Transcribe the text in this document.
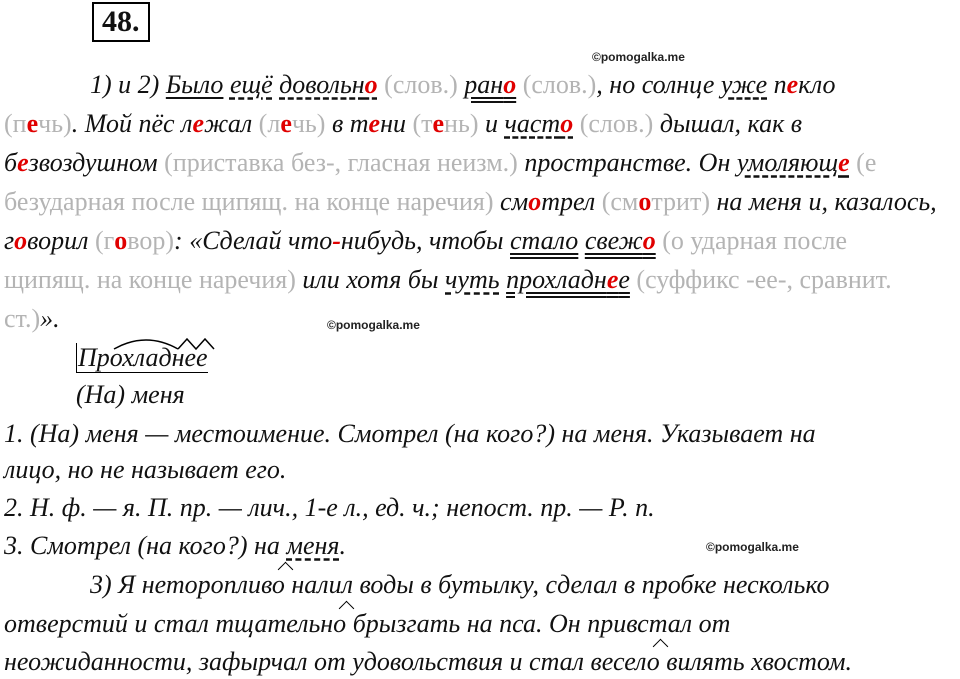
48.
©pomogalka.me
©pomogalka.me
©pomogalka.me
1) и 2) Было ещё довольно (слов.) рано (слов.), но солнце уже пекло
(печь). Мой пёс лежал (лечь) в тени (тень) и часто (слов.) дышал, как в
безвоздушном (приставка без-, гласная неизм.) пространстве. Он умоляюще (е
безударная после щипящ. на конце наречия) смотрел (смотрит) на меня и, казалось,
говорил (говор): «Сделай что-нибудь, чтобы стало свежо (о ударная после
щипящ. на конце наречия) или хотя бы чуть прохладнее (суффикс -ее-, сравнит.
ст.)».
Прохладнее
(На) меня
1. (На) меня — местоимение. Смотрел (на кого?) на меня. Указывает на
лицо, но не называет его.
2. Н. ф. — я. П. пр. — лич., 1-е л., ед. ч.; непост. пр. — Р. п.
3. Смотрел (на кого?) на меня.
3) Я неторопливо налил воды в бутылку, сделал в пробке несколько
отверстий и стал тщательно брызгать на пса. Он привстал от
неожиданности, зафырчал от удовольствия и стал весело вилять хвостом.
